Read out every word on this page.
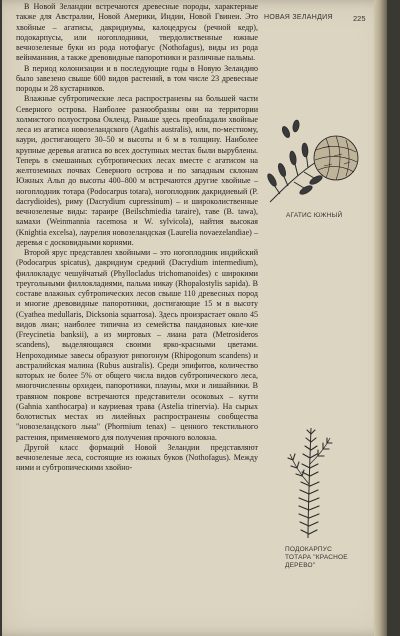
НОВАЯ ЗЕЛАНДИЯ	225

В Новой Зеландии встречаются древесные породы, характерные также для Австралии, Новой Америки, Индии, Новой Гвинеи. Это хвойные – агатисы, дакридиумы, калоцедрусы (речной кедр), подокарпусы, или ногоплодники, твердолиственные южные вечнозеленые буки из рода нотофагус (Nothofagus), виды из рода вейнманния, а также древовидные папоротники и различные пальмы.

В период колонизации и в последующие годы в Новую Зеландию было завезено свыше 600 видов растений, в том числе 23 древесные породы и 28 кустарников.

Влажные субтропические леса распространены на большей части Северного острова. Наиболее разнообразны они на территории холмистого полуострова Окленд. Раньше здесь преобладали хвойные леса из агатиса новозеландского (Agathis australis), или, по-местному, каури, достигающего 30–50 м высоты и 6 м в толщину. Наиболее крупные деревья агатиса во всех доступных местах были вырублены. Теперь в смешанных субтропических лесах вместе с агатисом на желтоземных почвах Северного острова и по западным склонам Южных Альп до высоты 400–800 м встречаются другие хвойные – ногоплодник тотара (Podocarpus totara), ногоплодник дакридиевый (P. dacrydioides), риму (Dacrydium cupressinum) – и широколиственные вечнозеленые виды: тараире (Beilschmiedia taraire), таве (B. tawa), камахи (Weinmannia racemosa и W. sylvicola), найтия высокая (Knightia excelsa), лаурелия новозеландская (Laurelia novaezelandiae) – деревья с досковидными корнями.

Второй ярус представлен хвойными – это ногоплодник индийский (Podocarpus spicatus), дакридиум средний (Dacrydium intermedium), филлокладус чешуйчатый (Phyllocladus trichomanoides) с широкими треугольными филлокладиями, пальма никау (Rhopalostylis sapida). В составе влажных субтропических лесов свыше 110 древесных пород и многие древовидные папоротники, достигающие 15 м в высоту (Cyathea medullaris, Dicksonia squarrosa). Здесь произрастает около 45 видов лиан; наиболее типична из семейства пандановых кие-кие (Freycinetia banksii), а из миртовых – лиана рата (Metrosideros scandens), выделяющаяся своими ярко-красными цветами. Непроходимые завесы образуют рипогонум (Rhipogonum scandens) и австралийская малина (Rubus australis). Среди эпифитов, количество которых не более 5% от общего числа видов субтропического леса, многочисленны орхидеи, папоротники, плауны, мхи и лишайники. В травяном покрове встречаются представители осоковых – кутти (Gahnia xanthocarpa) и кауриевая трава (Astelia trinervia). На сырых болотистых местах из лилейных распространены сообщества "новозеландского льна" (Phormium tenax) – ценного текстильного растения, применяемого для получения прочного волокна.

Другой класс формаций Новой Зеландии представляют вечнозеленые леса, состоящие из южных буков (Nothofagus). Между ними и субтропическими хвойно-

АГАТИС ЮЖНЫЙ
ПОДОКАРПУС
ТОТАРА "КРАСНОЕ
ДЕРЕВО"
